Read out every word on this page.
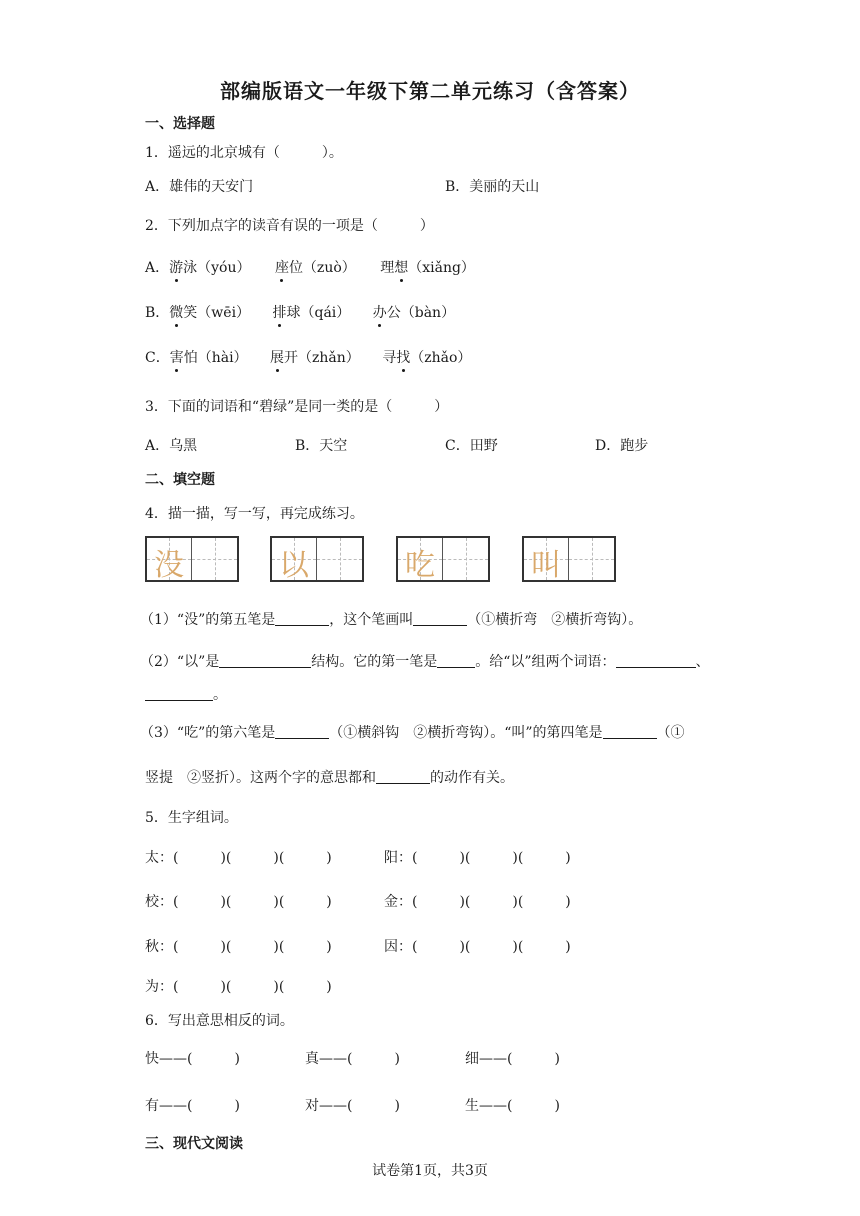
部编版语文一年级下第二单元练习（含答案）
一、选择题
1．遥远的北京城有（　　　）。
A．雄伟的天安门	B．美丽的天山
2．下列加点字的读音有误的一项是（　　　）
A．游泳（yóu） 座位（zuò） 理想（xiǎng）
B．微笑（wēi） 排球（qái） 办公（bàn）
C．害怕（hài） 展开（zhǎn） 寻找（zhǎo）
3．下面的词语和“碧绿”是同一类的是（　　　）
A．乌黑	B．天空	C．田野	D．跑步
二、填空题
4．描一描，写一写，再完成练习。
没	以	吃	叫
（1）“没”的第五笔是	，这个笔画叫	（①横折弯　②横折弯钩）。
（2）“以”是	结构。它的第一笔是	。给“以”组两个词语：	、
。
（3）“吃”的第六笔是	（①横斜钩　②横折弯钩）。“叫”的第四笔是	（①
竖提　②竖折）。这两个字的意思都和	的动作有关。
5．生字组词。
太：(　　　)(　　　)(　　　)	阳：(　　　)(　　　)(　　　)
校：(　　　)(　　　)(　　　)	金：(　　　)(　　　)(　　　)
秋：(　　　)(　　　)(　　　)	因：(　　　)(　　　)(　　　)
为：(　　　)(　　　)(　　　)
6．写出意思相反的词。
快——(　　　)	真——(　　　)	细——(　　　)
有——(　　　)	对——(　　　)	生——(　　　)
三、现代文阅读
试卷第1页，共3页
